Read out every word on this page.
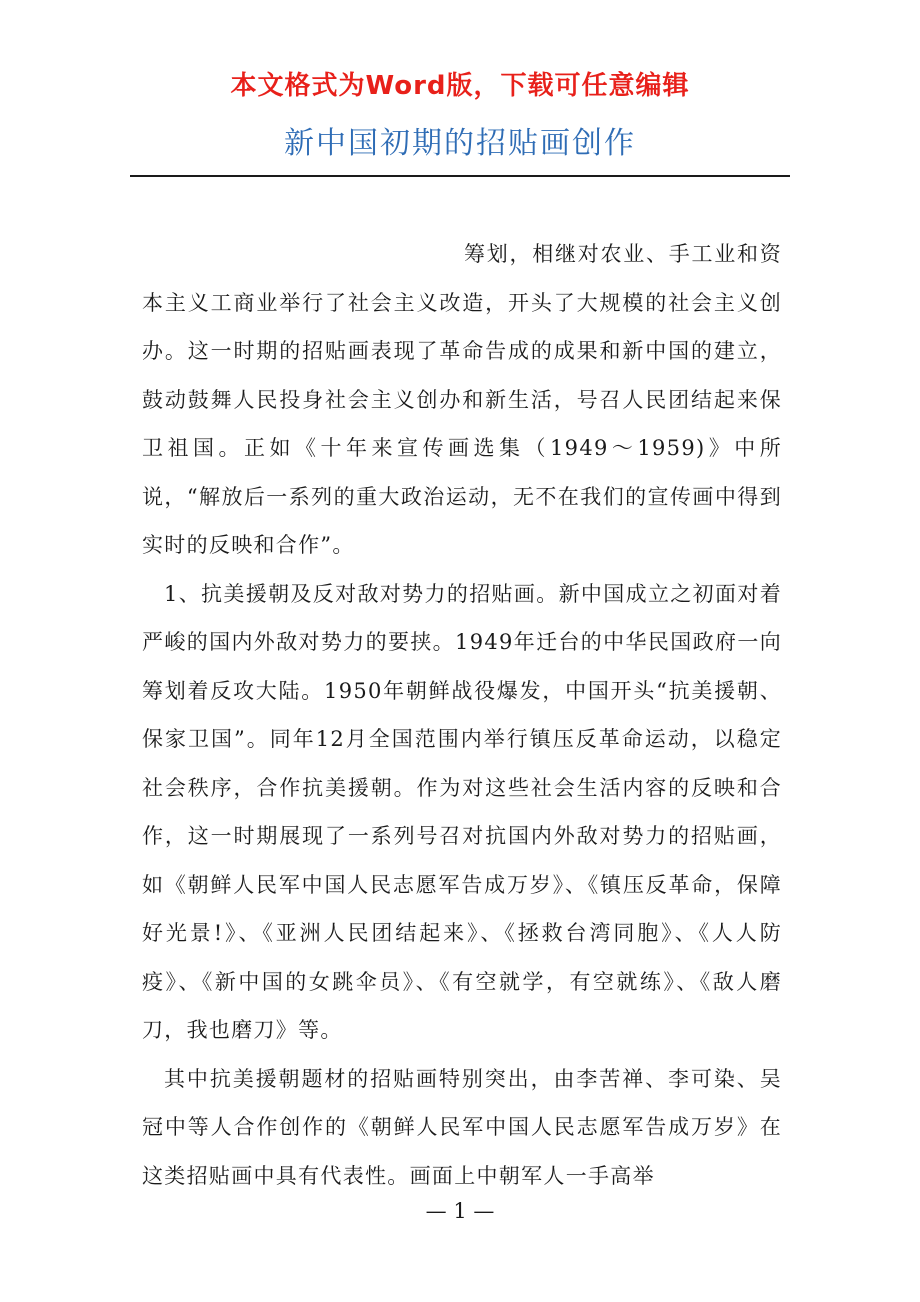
本文格式为Word版，下载可任意编辑
新中国初期的招贴画创作

筹划，相继对农业、手工业和资本主义工商业举行了社会主义改造，开头了大规模的社会主义创办。这一时期的招贴画表现了革命告成的成果和新中国的建立，鼓动鼓舞人民投身社会主义创办和新生活，号召人民团结起来保卫祖国。正如《十年来宣传画选集（1949～1959)》中所说，“解放后一系列的重大政治运动，无不在我们的宣传画中得到实时的反映和合作”。

1、抗美援朝及反对敌对势力的招贴画。新中国成立之初面对着严峻的国内外敌对势力的要挟。1949年迁台的中华民国政府一向筹划着反攻大陆。1950年朝鲜战役爆发，中国开头“抗美援朝、保家卫国”。同年12月全国范围内举行镇压反革命运动，以稳定社会秩序，合作抗美援朝。作为对这些社会生活内容的反映和合作，这一时期展现了一系列号召对抗国内外敌对势力的招贴画，如《朝鲜人民军中国人民志愿军告成万岁》、《镇压反革命，保障好光景!》、《亚洲人民团结起来》、《拯救台湾同胞》、《人人防疫》、《新中国的女跳伞员》、《有空就学，有空就练》、《敌人磨刀，我也磨刀》等。

其中抗美援朝题材的招贴画特别突出，由李苦禅、李可染、吴冠中等人合作创作的《朝鲜人民军中国人民志愿军告成万岁》在这类招贴画中具有代表性。画面上中朝军人一手高举

— 1 —
